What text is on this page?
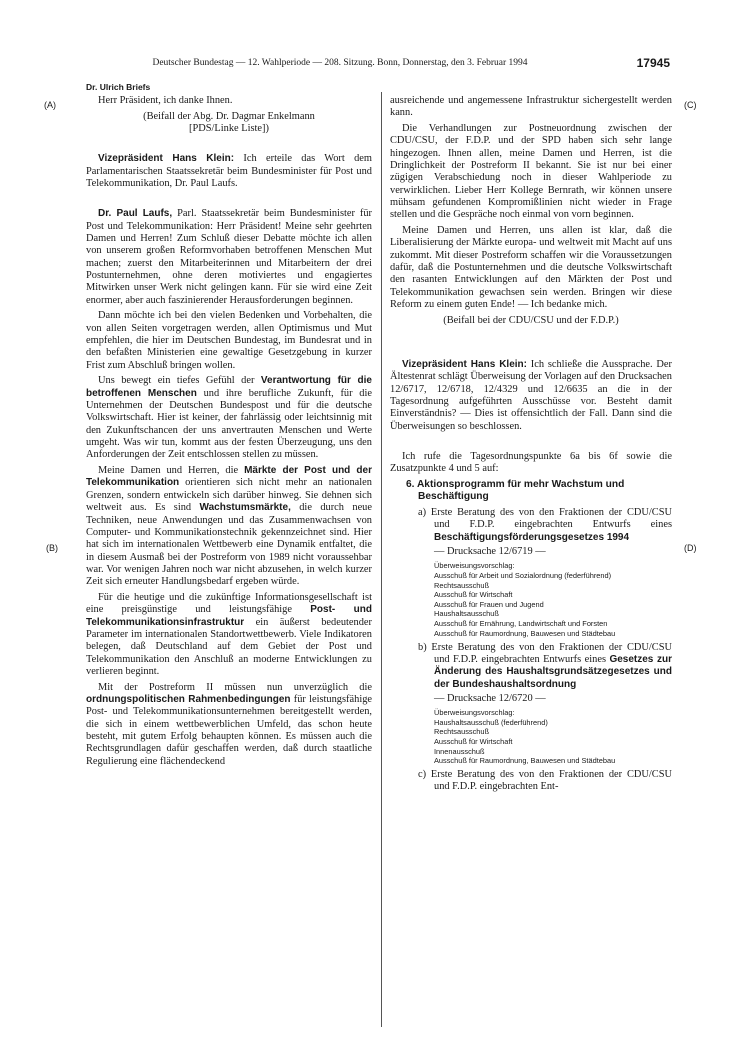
Deutscher Bundestag — 12. Wahlperiode — 208. Sitzung. Bonn, Donnerstag, den 3. Februar 1994	17945
Dr. Ulrich Briefs
(A)
(B)
(C)
(D)

Herr Präsident, ich danke Ihnen.

(Beifall der Abg. Dr. Dagmar Enkelmann

[PDS/Linke Liste])

Vizepräsident Hans Klein: Ich erteile das Wort dem Parlamentarischen Staatssekretär beim Bundesminister für Post und Telekommunikation, Dr. Paul Laufs.

Dr. Paul Laufs, Parl. Staatssekretär beim Bundesminister für Post und Telekommunikation: Herr Präsident! Meine sehr geehrten Damen und Herren! Zum Schluß dieser Debatte möchte ich allen von unserem großen Reformvorhaben betroffenen Menschen Mut machen; zuerst den Mitarbeiterinnen und Mitarbeitern der drei Postunternehmen, ohne deren motiviertes und engagiertes Mitwirken unser Werk nicht gelingen kann. Für sie wird eine Zeit enormer, aber auch faszinierender Herausforderungen beginnen.

Dann möchte ich bei den vielen Bedenken und Vorbehalten, die von allen Seiten vorgetragen werden, allen Optimismus und Mut empfehlen, die hier im Deutschen Bundestag, im Bundesrat und in den befaßten Ministerien eine gewaltige Gesetzgebung in kurzer Frist zum Abschluß bringen wollen.

Uns bewegt ein tiefes Gefühl der Verantwortung für die betroffenen Menschen und ihre berufliche Zukunft, für die Unternehmen der Deutschen Bundespost und für die deutsche Volkswirtschaft. Hier ist keiner, der fahrlässig oder leichtsinnig mit den Zukunftschancen der uns anvertrauten Menschen und Werte umgeht. Was wir tun, kommt aus der festen Überzeugung, uns den Anforderungen der Zeit entschlossen stellen zu müssen.

Meine Damen und Herren, die Märkte der Post und der Telekommunikation orientieren sich nicht mehr an nationalen Grenzen, sondern entwickeln sich darüber hinweg. Sie dehnen sich weltweit aus. Es sind Wachstumsmärkte, die durch neue Techniken, neue Anwendungen und das Zusammenwachsen von Computer- und Kommunikationstechnik gekennzeichnet sind. Hier hat sich im internationalen Wettbewerb eine Dynamik entfaltet, die in diesem Ausmaß bei der Postreform von 1989 nicht voraussehbar war. Vor wenigen Jahren noch war nicht abzusehen, in welch kurzer Zeit sich erneuter Handlungsbedarf ergeben würde.

Für die heutige und die zukünftige Informationsgesellschaft ist eine preisgünstige und leistungsfähige Post- und Telekommunikationsinfrastruktur ein äußerst bedeutender Parameter im internationalen Standortwettbewerb. Viele Indikatoren belegen, daß Deutschland auf dem Gebiet der Post und Telekommunikation den Anschluß an moderne Entwicklungen zu verlieren beginnt.

Mit der Postreform II müssen nun unverzüglich die ordnungspolitischen Rahmenbedingungen für leistungsfähige Post- und Telekommunikationsunternehmen bereitgestellt werden, die sich in einem wettbewerblichen Umfeld, das schon heute besteht, mit gutem Erfolg behaupten können. Es müssen auch die Rechtsgrundlagen dafür geschaffen werden, daß durch staatliche Regulierung eine flächendeckend

ausreichende und angemessene Infrastruktur sichergestellt werden kann.

Die Verhandlungen zur Postneuordnung zwischen der CDU/CSU, der F.D.P. und der SPD haben sich sehr lange hingezogen. Ihnen allen, meine Damen und Herren, ist die Dringlichkeit der Postreform II bekannt. Sie ist nur bei einer zügigen Verabschiedung noch in dieser Wahlperiode zu verwirklichen. Lieber Herr Kollege Bernrath, wir können unsere mühsam gefundenen Kompromißlinien nicht wieder in Frage stellen und die Gespräche noch einmal von vorn beginnen.

Meine Damen und Herren, uns allen ist klar, daß die Liberalisierung der Märkte europa- und weltweit mit Macht auf uns zukommt. Mit dieser Postreform schaffen wir die Voraussetzungen dafür, daß die Postunternehmen und die deutsche Volkswirtschaft den rasanten Entwicklungen auf den Märkten der Post und Telekommunikation gewachsen sein werden. Bringen wir diese Reform zu einem guten Ende! — Ich bedanke mich.

(Beifall bei der CDU/CSU und der F.D.P.)

Vizepräsident Hans Klein: Ich schließe die Aussprache. Der Ältestenrat schlägt Überweisung der Vorlagen auf den Drucksachen 12/6717, 12/6718, 12/4329 und 12/6635 an die in der Tagesordnung aufgeführten Ausschüsse vor. Besteht damit Einverständnis? — Dies ist offensichtlich der Fall. Dann sind die Überweisungen so beschlossen.

Ich rufe die Tagesordnungspunkte 6a bis 6f sowie die Zusatzpunkte 4 und 5 auf:

6. Aktionsprogramm für mehr Wachstum und Beschäftigung

a) Erste Beratung des von den Fraktionen der CDU/CSU und F.D.P. eingebrachten Entwurfs eines Beschäftigungsförderungsgesetzes 1994

— Drucksache 12/6719 —

Überweisungsvorschlag:
Ausschuß für Arbeit und Sozialordnung (federführend)
Rechtsausschuß
Ausschuß für Wirtschaft
Ausschuß für Frauen und Jugend
Haushaltsausschuß
Ausschuß für Ernährung, Landwirtschaft und Forsten
Ausschuß für Raumordnung, Bauwesen und Städtebau

b) Erste Beratung des von den Fraktionen der CDU/CSU und F.D.P. eingebrachten Entwurfs eines Gesetzes zur Änderung des Haushaltsgrundsätzegesetzes und der Bundeshaushaltsordnung

— Drucksache 12/6720 —

Überweisungsvorschlag:
Haushaltsausschuß (federführend)
Rechtsausschuß
Ausschuß für Wirtschaft
Innenausschuß
Ausschuß für Raumordnung, Bauwesen und Städtebau

c) Erste Beratung des von den Fraktionen der CDU/CSU und F.D.P. eingebrachten Ent-
